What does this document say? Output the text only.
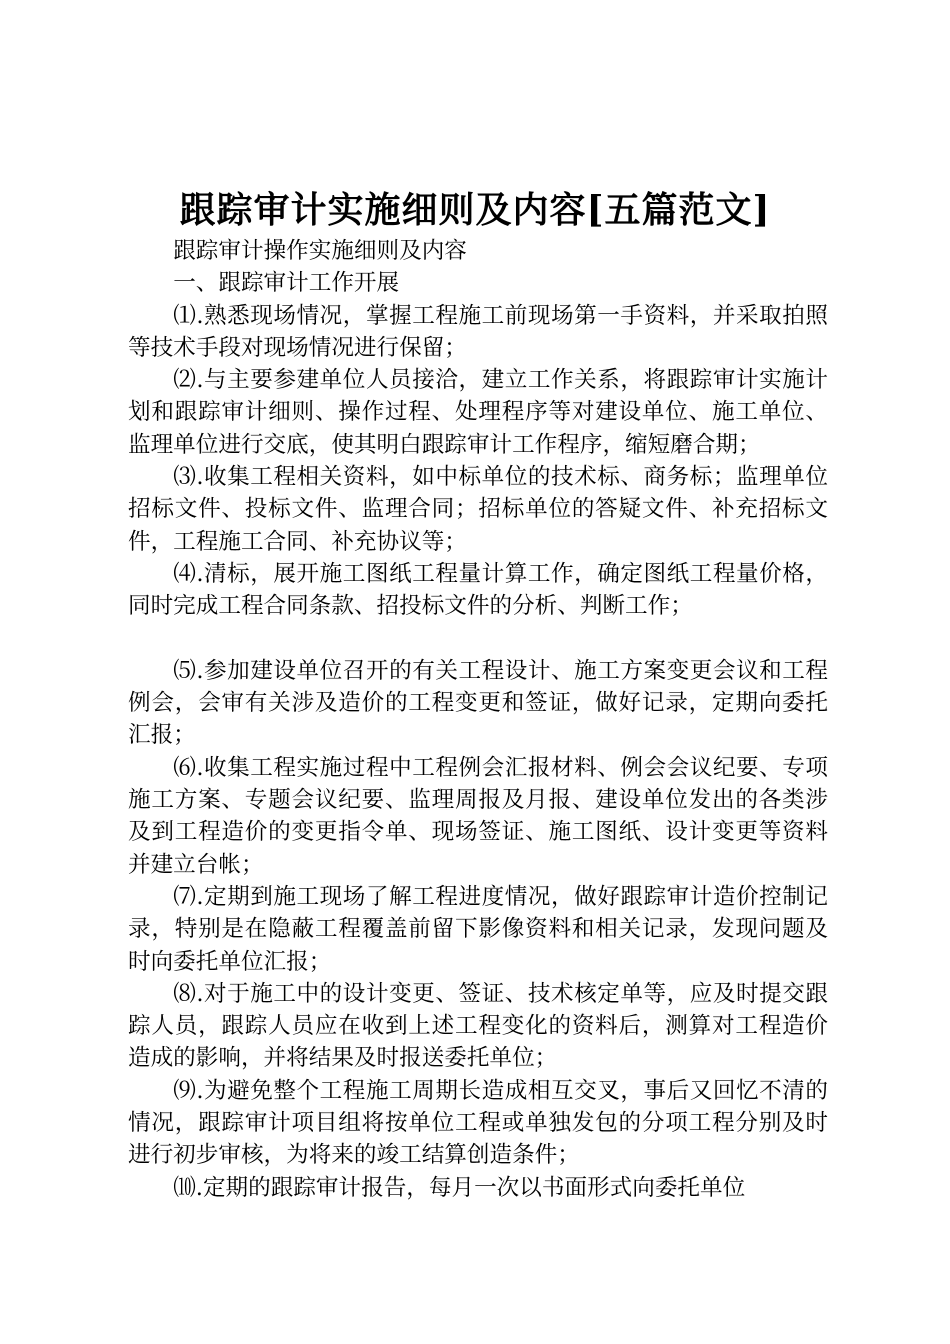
跟踪审计实施细则及内容[五篇范文]

跟踪审计操作实施细则及内容

一、跟踪审计工作开展

⑴.熟悉现场情况，掌握工程施工前现场第一手资料，并采取拍照等技术手段对现场情况进行保留；

⑵.与主要参建单位人员接洽，建立工作关系，将跟踪审计实施计划和跟踪审计细则、操作过程、处理程序等对建设单位、施工单位、监理单位进行交底，使其明白跟踪审计工作程序，缩短磨合期；

⑶.收集工程相关资料，如中标单位的技术标、商务标；监理单位招标文件、投标文件、监理合同；招标单位的答疑文件、补充招标文件，工程施工合同、补充协议等；

⑷.清标，展开施工图纸工程量计算工作，确定图纸工程量价格，同时完成工程合同条款、招投标文件的分析、判断工作；

⑸.参加建设单位召开的有关工程设计、施工方案变更会议和工程例会，会审有关涉及造价的工程变更和签证，做好记录，定期向委托汇报；

⑹.收集工程实施过程中工程例会汇报材料、例会会议纪要、专项施工方案、专题会议纪要、监理周报及月报、建设单位发出的各类涉及到工程造价的变更指令单、现场签证、施工图纸、设计变更等资料并建立台帐；

⑺.定期到施工现场了解工程进度情况，做好跟踪审计造价控制记录，特别是在隐蔽工程覆盖前留下影像资料和相关记录，发现问题及时向委托单位汇报；

⑻.对于施工中的设计变更、签证、技术核定单等，应及时提交跟踪人员，跟踪人员应在收到上述工程变化的资料后，测算对工程造价造成的影响，并将结果及时报送委托单位；

⑼.为避免整个工程施工周期长造成相互交叉，事后又回忆不清的情况，跟踪审计项目组将按单位工程或单独发包的分项工程分别及时进行初步审核，为将来的竣工结算创造条件；

⑽.定期的跟踪审计报告，每月一次以书面形式向委托单位
